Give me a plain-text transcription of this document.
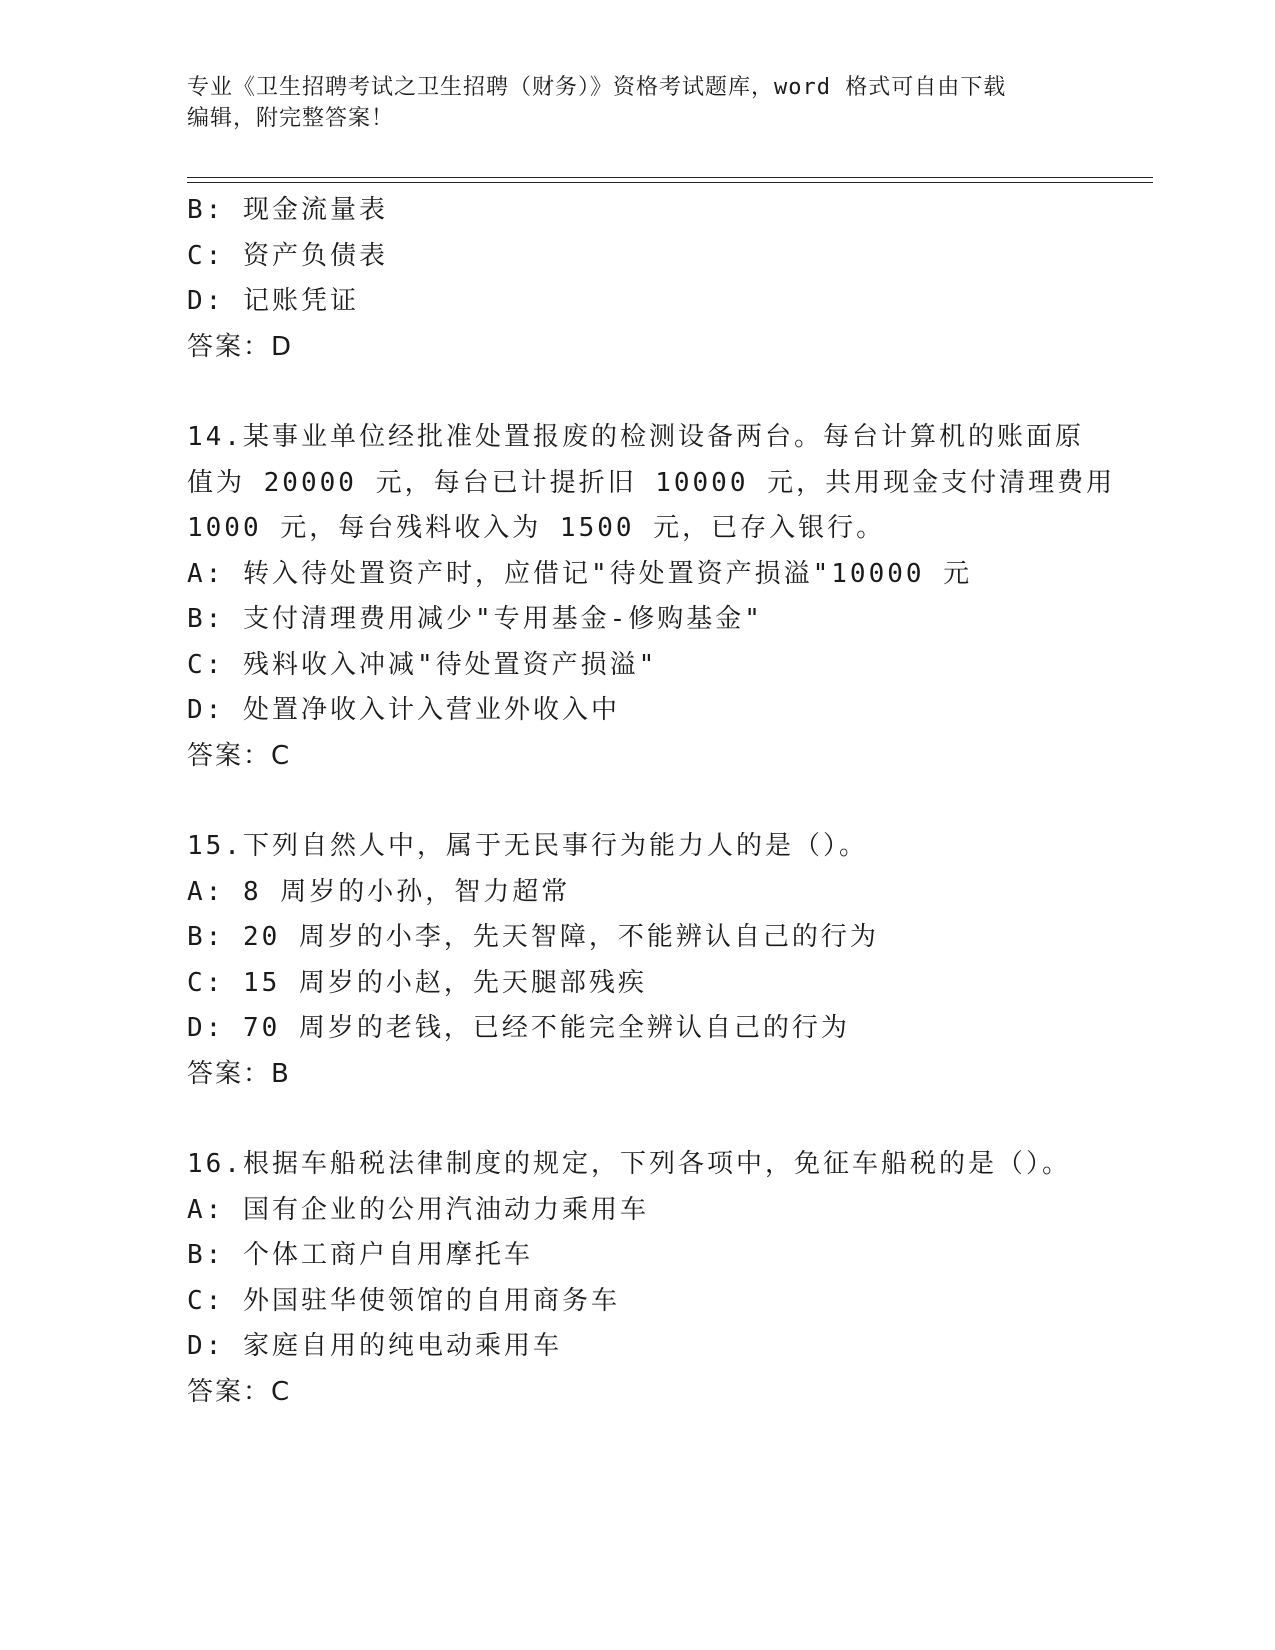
专业《卫生招聘考试之卫生招聘（财务）》资格考试题库，word 格式可自由下载
编辑，附完整答案！
B: 现金流量表
C: 资产负债表
D: 记账凭证
答案：D
14.某事业单位经批准处置报废的检测设备两台。每台计算机的账面原
值为 20000 元，每台已计提折旧 10000 元，共用现金支付清理费用
1000 元，每台残料收入为 1500 元，已存入银行。
A: 转入待处置资产时，应借记"待处置资产损溢"10000 元
B: 支付清理费用减少"专用基金-修购基金"
C: 残料收入冲减"待处置资产损溢"
D: 处置净收入计入营业外收入中
答案：C
15.下列自然人中，属于无民事行为能力人的是（）。
A: 8 周岁的小孙，智力超常
B: 20 周岁的小李，先天智障，不能辨认自己的行为
C: 15 周岁的小赵，先天腿部残疾
D: 70 周岁的老钱，已经不能完全辨认自己的行为
答案：B
16.根据车船税法律制度的规定，下列各项中，免征车船税的是（）。
A: 国有企业的公用汽油动力乘用车
B: 个体工商户自用摩托车
C: 外国驻华使领馆的自用商务车
D: 家庭自用的纯电动乘用车
答案：C
